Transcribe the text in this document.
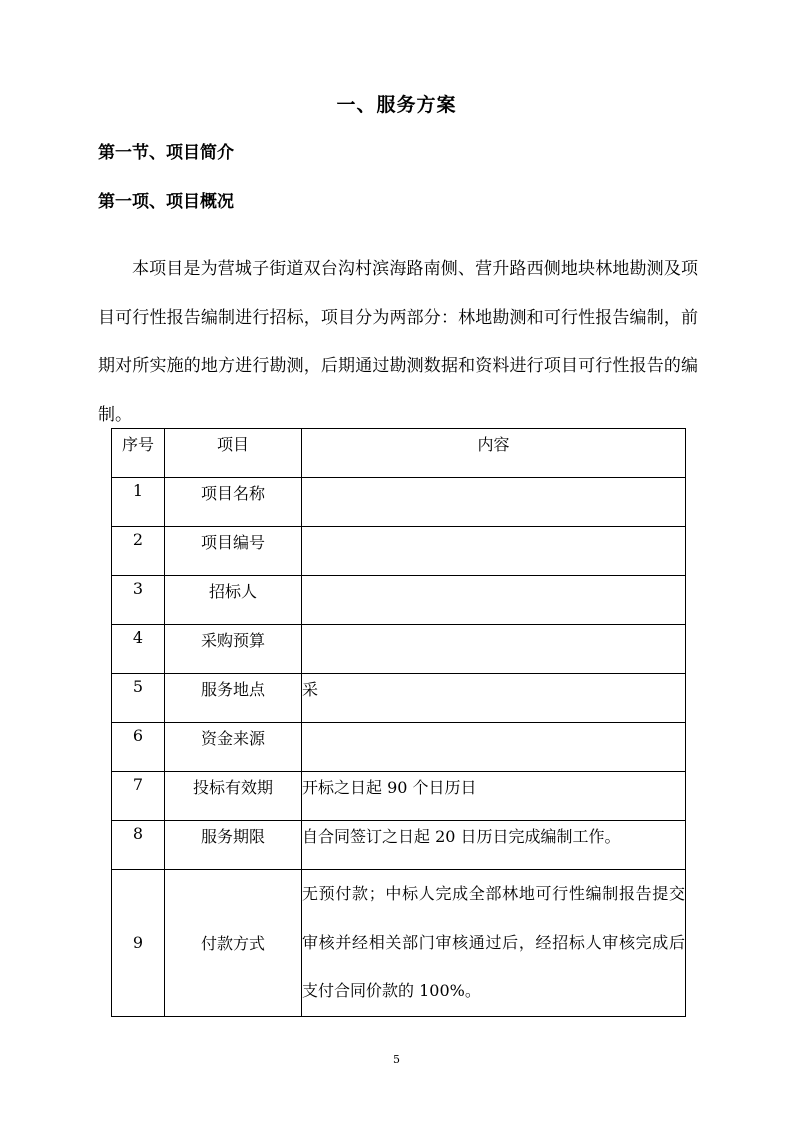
一、服务方案
第一节、项目简介
第一项、项目概况

本项目是为营城子街道双台沟村滨海路南侧、营升路西侧地块林地勘测及项目可行性报告编制进行招标，项目分为两部分：林地勘测和可行性报告编制，前期对所实施的地方进行勘测，后期通过勘测数据和资料进行项目可行性报告的编制。

序号	项目	内容
1	项目名称	
2	项目编号	
3	招标人	
4	采购预算	
5	服务地点	采
6	资金来源	
7	投标有效期	开标之日起 90 个日历日
8	服务期限	自合同签订之日起 20 日历日完成编制工作。
9	付款方式	无预付款；中标人完成全部林地可行性编制报告提交审核并经相关部门审核通过后，经招标人审核完成后支付合同价款的 100%。
5
